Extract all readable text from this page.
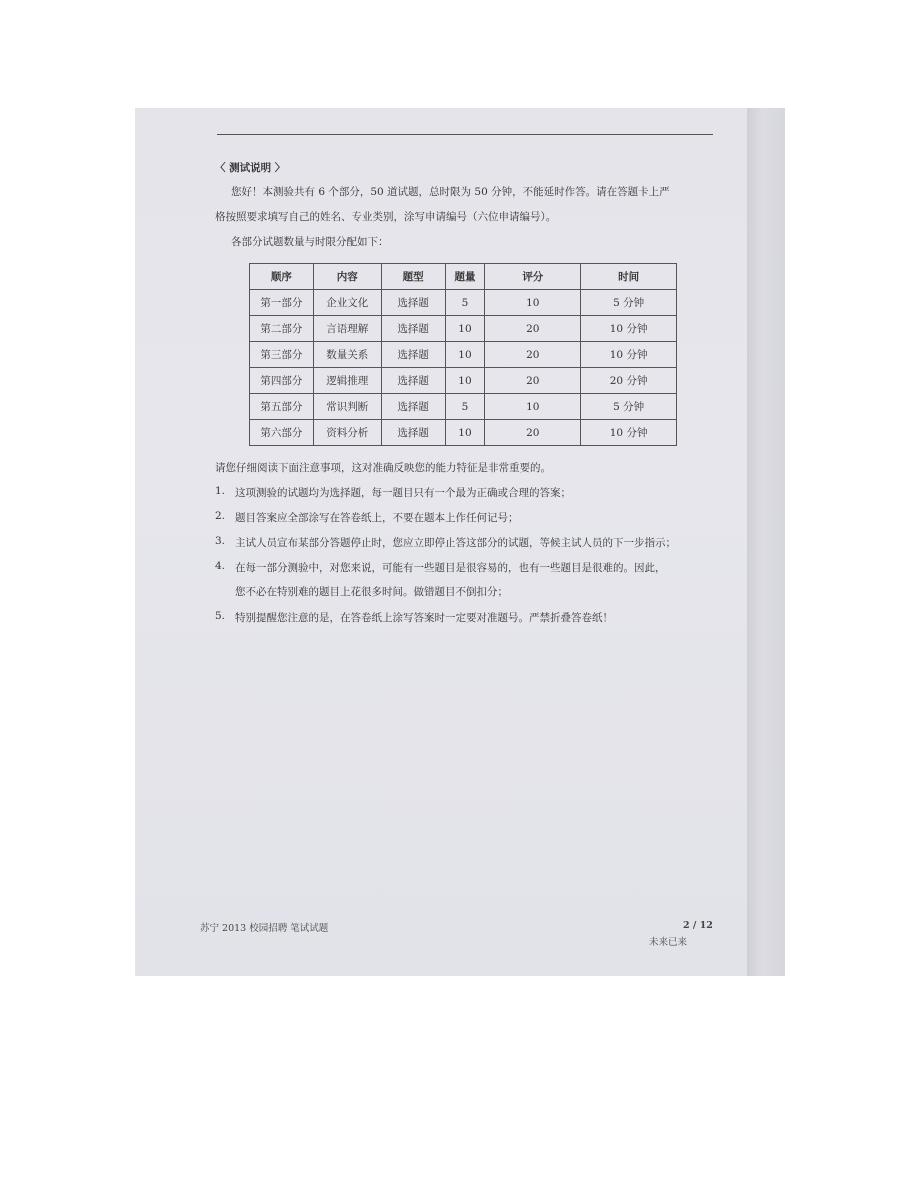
〈 测试说明 〉
您好！本测验共有 6 个部分，50 道试题，总时限为 50 分钟，不能延时作答。请在答题卡上严
格按照要求填写自己的姓名、专业类别，涂写申请编号（六位申请编号）。
各部分试题数量与时限分配如下：
顺序	内容	题型	题量	评分	时间
第一部分	企业文化	选择题	5	10	5 分钟
第二部分	言语理解	选择题	10	20	10 分钟
第三部分	数量关系	选择题	10	20	10 分钟
第四部分	逻辑推理	选择题	10	20	20 分钟
第五部分	常识判断	选择题	5	10	5 分钟
第六部分	资料分析	选择题	10	20	10 分钟
请您仔细阅读下面注意事项，这对准确反映您的能力特征是非常重要的。
1. 这项测验的试题均为选择题，每一题目只有一个最为正确或合理的答案；
2. 题目答案应全部涂写在答卷纸上，不要在题本上作任何记号；
3. 主试人员宣布某部分答题停止时，您应立即停止答这部分的试题，等候主试人员的下一步指示；
4. 在每一部分测验中，对您来说，可能有一些题目是很容易的，也有一些题目是很难的。因此，
您不必在特别难的题目上花很多时间。做错题目不倒扣分；
5. 特别提醒您注意的是，在答卷纸上涂写答案时一定要对准题号。严禁折叠答卷纸！
苏宁 2013 校园招聘 笔试试题	2 / 12
未来已来
